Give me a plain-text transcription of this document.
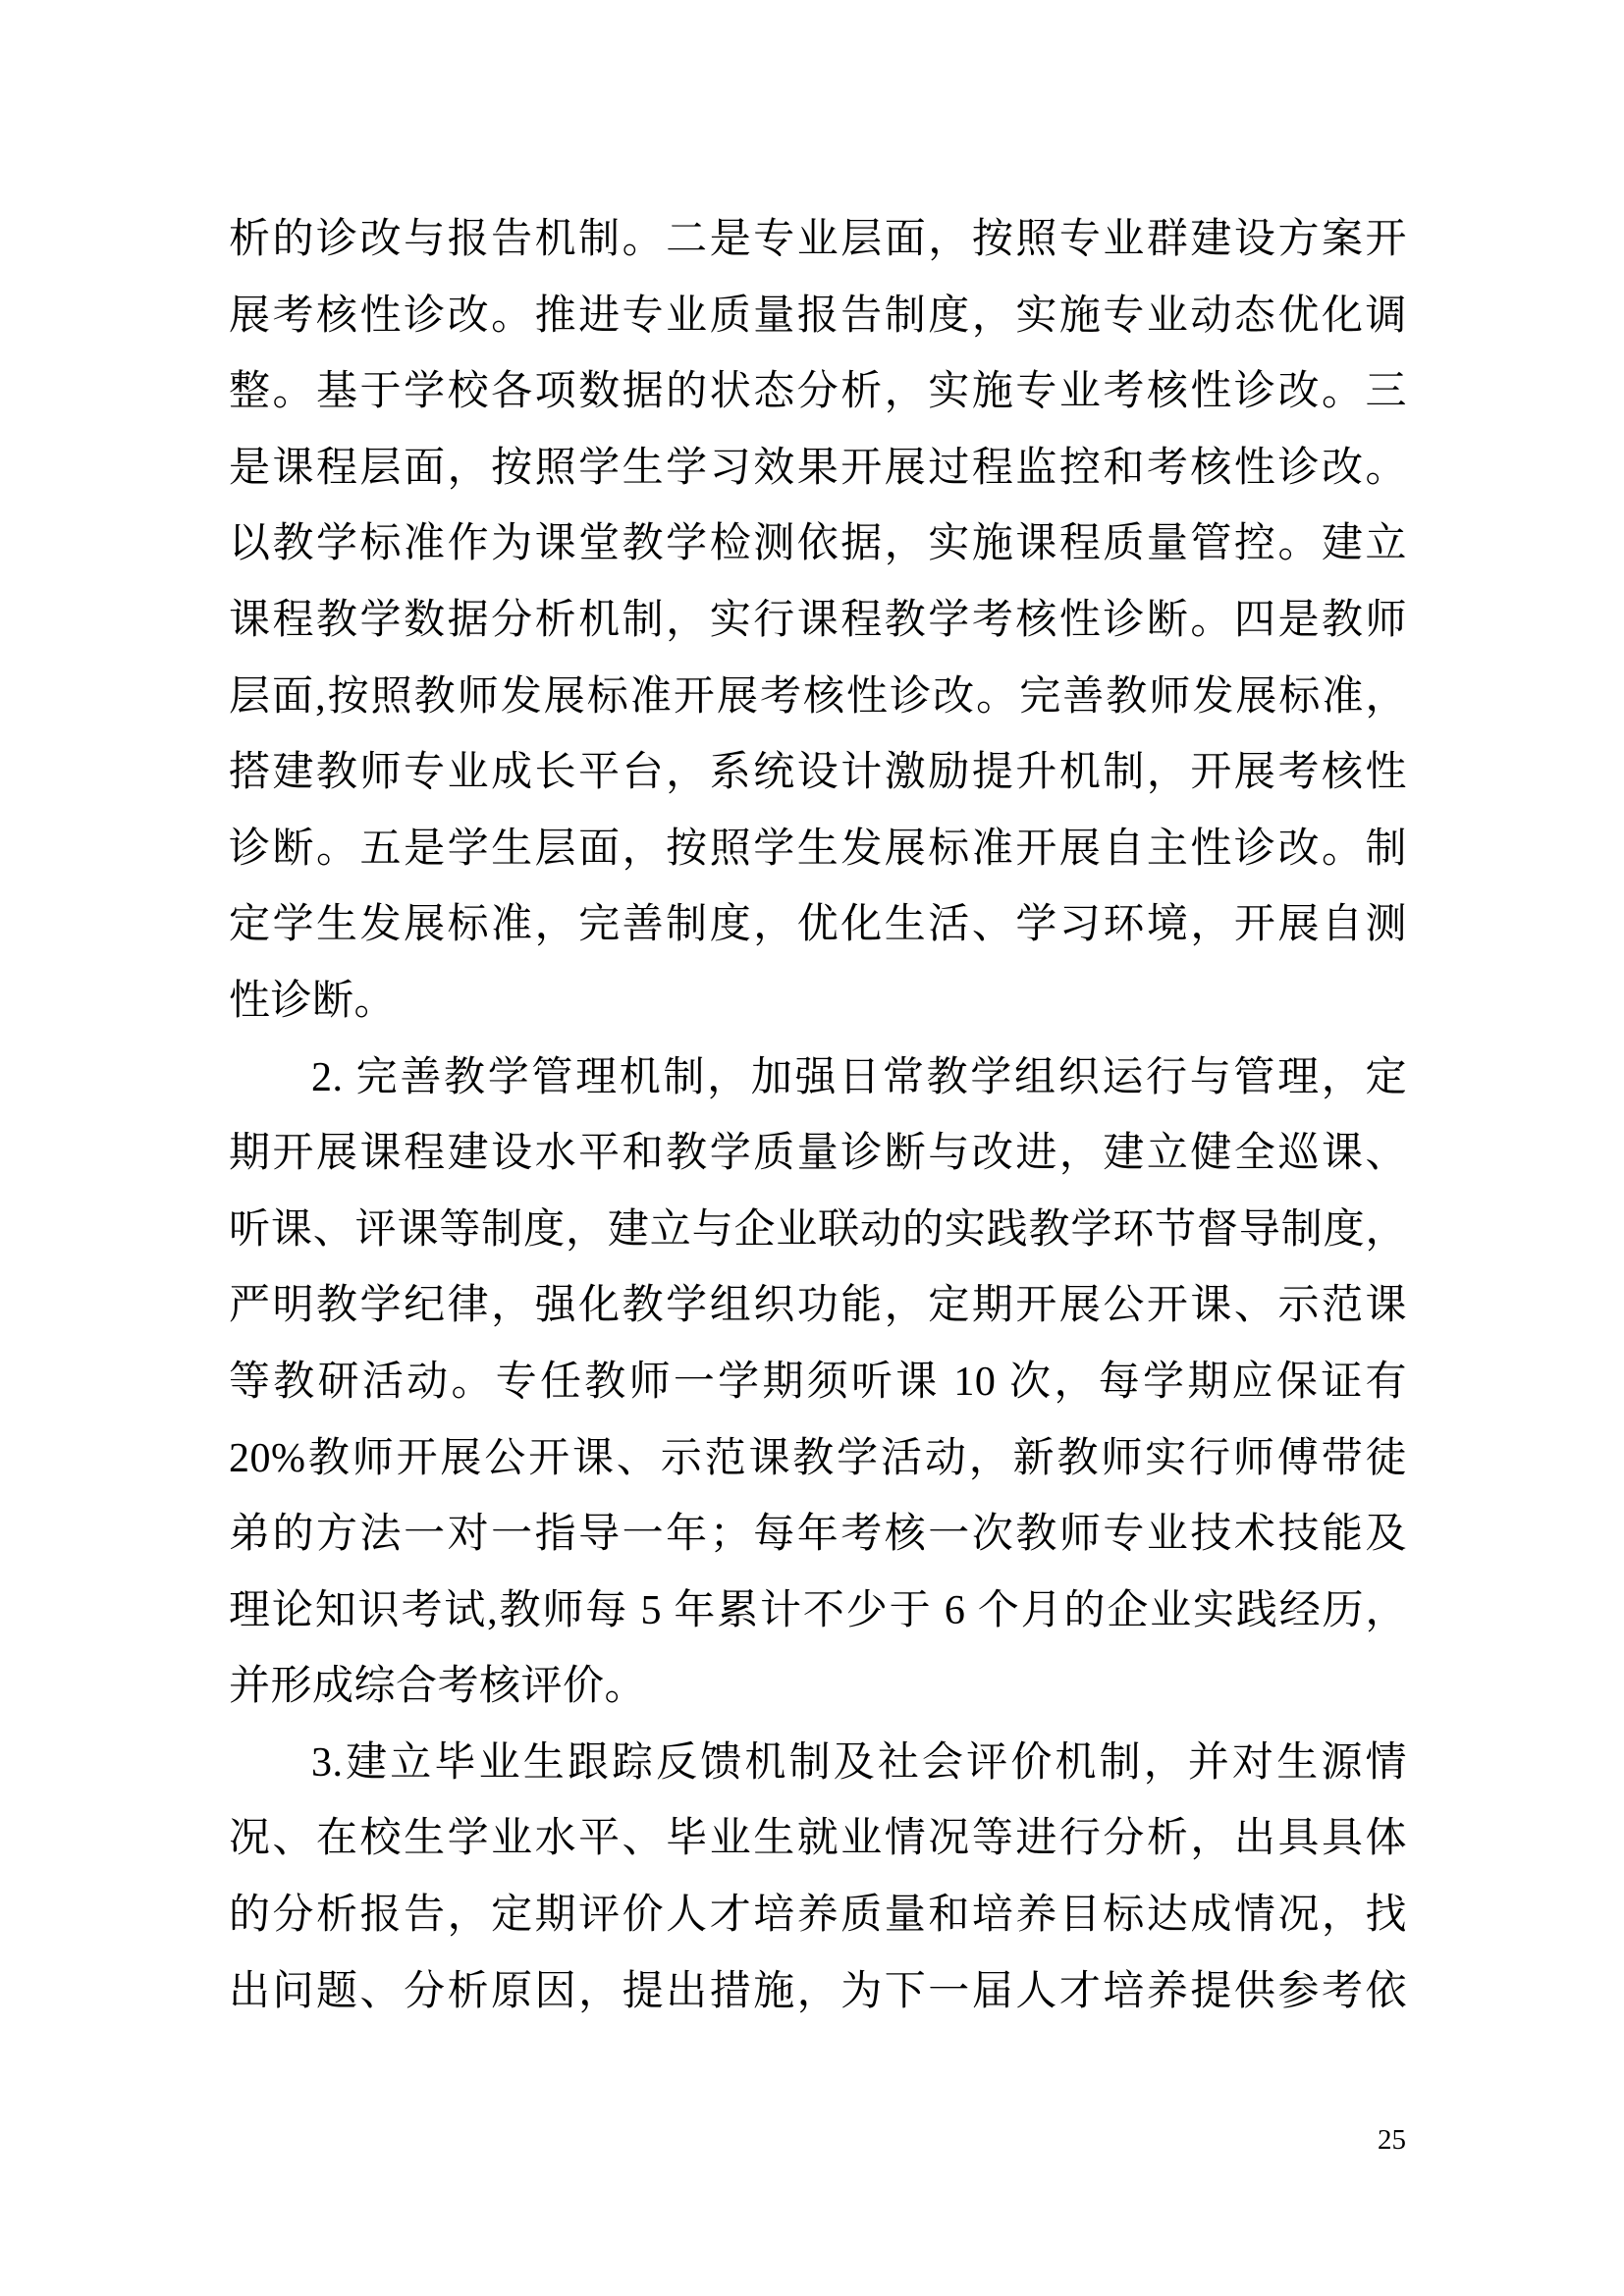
析的诊改与报告机制。二是专业层面，按照专业群建设方案开
展考核性诊改。推进专业质量报告制度，实施专业动态优化调
整。基于学校各项数据的状态分析，实施专业考核性诊改。三
是课程层面，按照学生学习效果开展过程监控和考核性诊改。
以教学标准作为课堂教学检测依据，实施课程质量管控。建立
课程教学数据分析机制，实行课程教学考核性诊断。四是教师
层面,按照教师发展标准开展考核性诊改。完善教师发展标准，
搭建教师专业成长平台，系统设计激励提升机制，开展考核性
诊断。五是学生层面，按照学生发展标准开展自主性诊改。制
定学生发展标准，完善制度，优化生活、学习环境，开展自测
性诊断。
2. 完善教学管理机制，加强日常教学组织运行与管理，定
期开展课程建设水平和教学质量诊断与改进，建立健全巡课、
听课、评课等制度，建立与企业联动的实践教学环节督导制度，
严明教学纪律，强化教学组织功能，定期开展公开课、示范课
等教研活动。专任教师一学期须听课 10 次，每学期应保证有
20%教师开展公开课、示范课教学活动，新教师实行师傅带徒
弟的方法一对一指导一年；每年考核一次教师专业技术技能及
理论知识考试,教师每 5 年累计不少于 6 个月的企业实践经历，
并形成综合考核评价。
3.建立毕业生跟踪反馈机制及社会评价机制，并对生源情
况、在校生学业水平、毕业生就业情况等进行分析，出具具体
的分析报告，定期评价人才培养质量和培养目标达成情况，找
出问题、分析原因，提出措施，为下一届人才培养提供参考依
25
